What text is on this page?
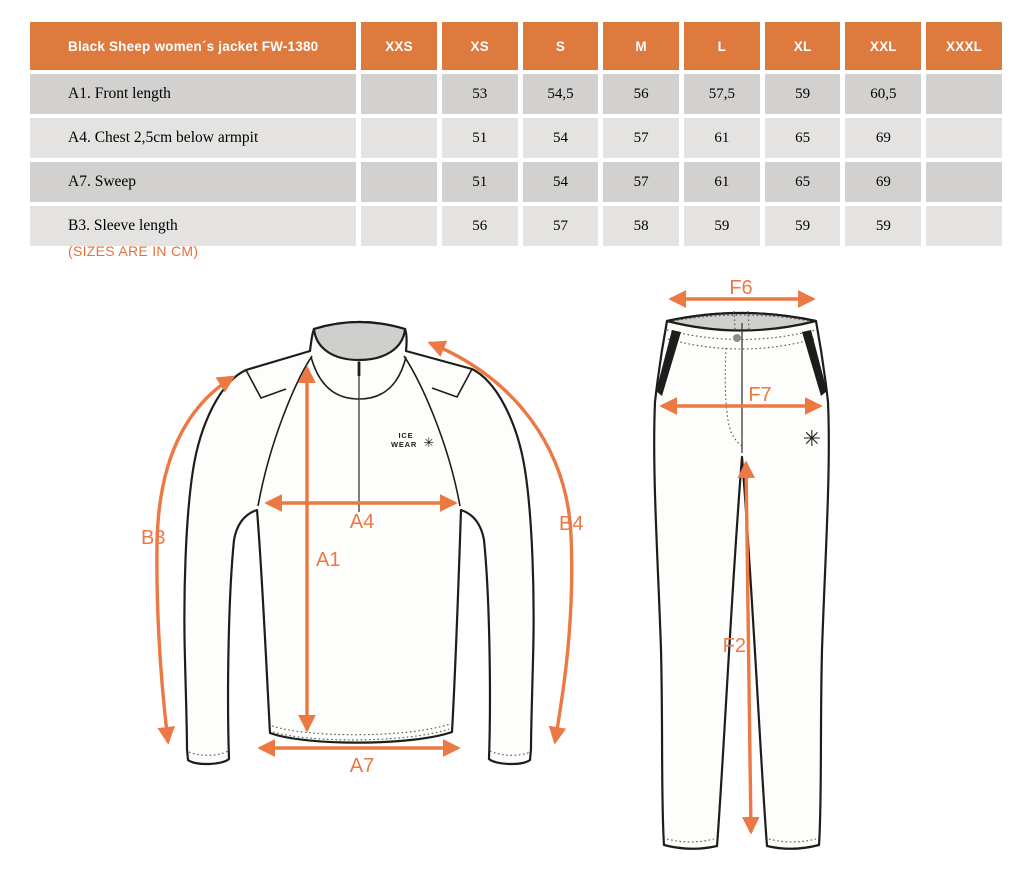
Black Sheep women´s jacket FW-1380	XXS	XS	S	M	L	XL	XXL	XXXL
A1. Front length		53	54,5	56	57,5	59	60,5	
A4. Chest 2,5cm below armpit		51	54	57	61	65	69	
A7. Sweep		51	54	57	61	65	69	
B3. Sleeve length		56	57	58	59	59	59	
(SIZES ARE IN CM)
ICE
WEAR ✳
A1
A4
A7
B3
B4
✳
F6
F7
F2
